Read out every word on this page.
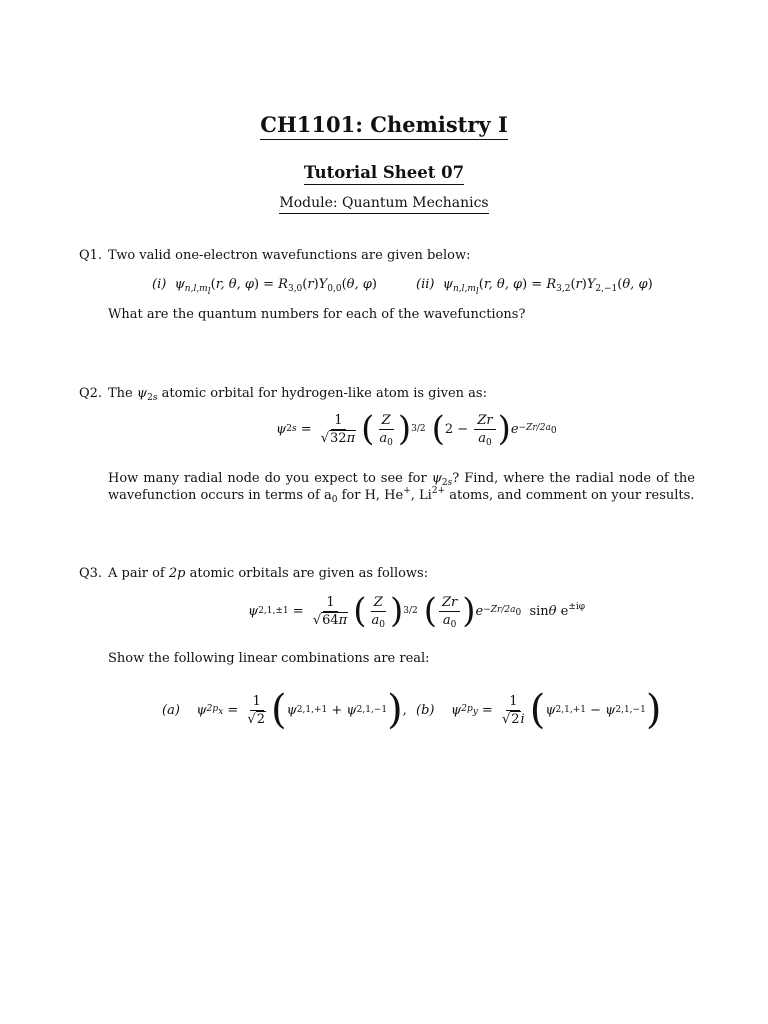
CH1101: Chemistry I
Tutorial Sheet 07
Module: Quantum Mechanics
Q1. Two valid one-electron wavefunctions are given below:
(i)  $\psi_{n,l,m_l}(r$, θ, $\varphi) = R_{3,0}(r)Y_{0,0}(\theta$, φ)	(ii)  $\psi_{n,l,m_l}(r$, θ, $\varphi) = R_{3,2}(r)Y_{2,-1}(\theta$, φ)
What are the quantum numbers for each of the wavefunctions?
Q2. The $\psi_{2s}$ atomic orbital for hydrogen-like atom is given as:
ψ $2s = \frac{1}{√32\pi}$ ( $\frac{Z}{a_0}$ ) 3/2 ( $2 - \frac{Zr}{a_0}$ ) $e -Zr/2a_0$
How many radial node do you expect to see for $\psi_{2s}$? Find, where the radial node of the wavefunction occurs in terms of $a_0$ for H, He+, $Li^{2+}$ atoms, and comment on your results.
Q3. A pair of 2p atomic orbitals are given as follows:
ψ $2,1,\pm 1 = \frac{1}{√64\pi}$ ( $\frac{Z}{a_0}$ ) 3/2 ( $\frac{Zr}{a_0}$ ) $e -Zr/2a_0$
sin θ $e^{\pm i\varphi}$
Show the following linear combinations are real:
(a) ψ $2p_x = \frac{1}{√2}$ ( ψ 2,1,+1 + ψ 2,1,−1 ) , (b) ψ $2p_y = \frac{1}{√2i}$ ( ψ 2,1,+1 − ψ 2,1,−1 )
